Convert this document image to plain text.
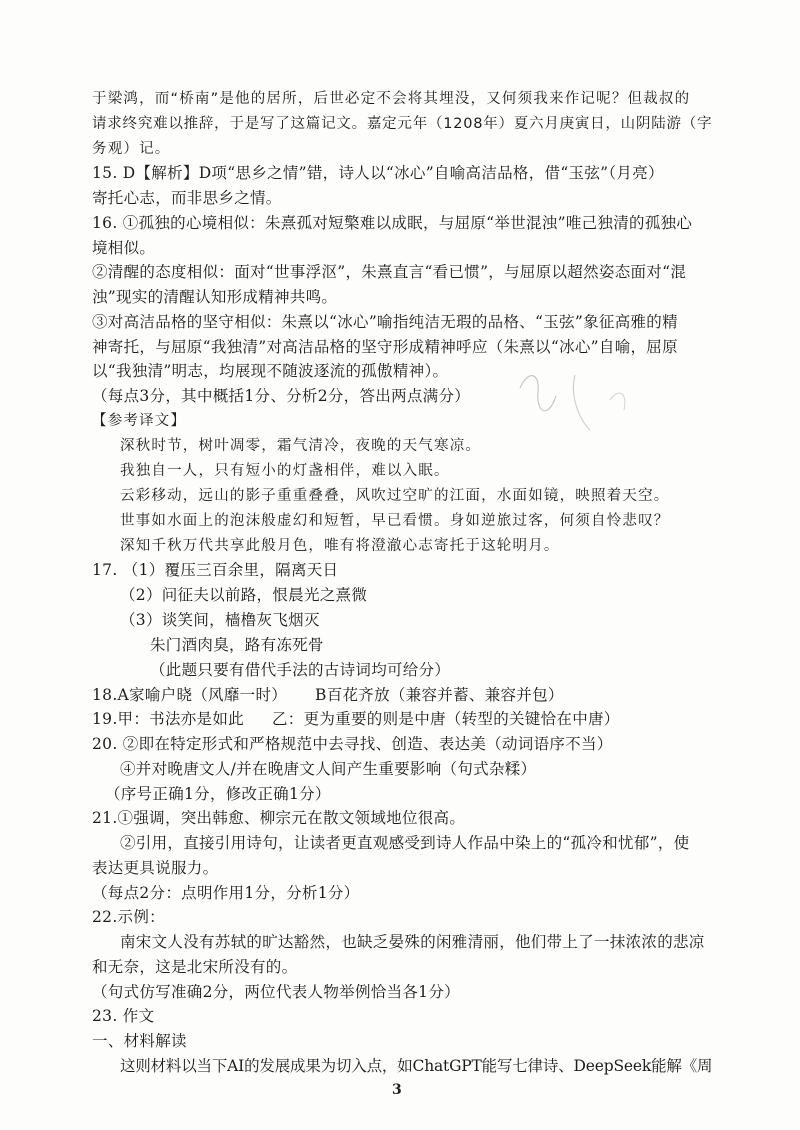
于梁鸿，而“桥南”是他的居所，后世必定不会将其埋没，又何须我来作记呢？但裁叔的
请求终究难以推辞，于是写了这篇记文。嘉定元年（1208年）夏六月庚寅日，山阴陆游（字
务观）记。
15. D【解析】D项“思乡之情”错，诗人以“冰心”自喻高洁品格，借“玉弦”（月亮）
寄托心志，而非思乡之情。
16. ①孤独的心境相似：朱熹孤对短檠难以成眠，与屈原“举世混浊”唯己独清的孤独心
境相似。
②清醒的态度相似：面对“世事浮沤”，朱熹直言“看已惯”，与屈原以超然姿态面对“混
浊”现实的清醒认知形成精神共鸣。
③对高洁品格的坚守相似：朱熹以“冰心”喻指纯洁无瑕的品格、“玉弦”象征高雅的精
神寄托，与屈原“我独清”对高洁品格的坚守形成精神呼应（朱熹以“冰心”自喻，屈原
以“我独清”明志，均展现不随波逐流的孤傲精神）。
（每点3分，其中概括1分、分析2分，答出两点满分）
【参考译文】
深秋时节，树叶凋零，霜气清冷，夜晚的天气寒凉。
我独自一人，只有短小的灯盏相伴，难以入眠。
云彩移动，远山的影子重重叠叠，风吹过空旷的江面，水面如镜，映照着天空。
世事如水面上的泡沫般虚幻和短暂，早已看惯。身如逆旅过客，何须自怜悲叹？
深知千秋万代共享此般月色，唯有将澄澈心志寄托于这轮明月。
17. （1）覆压三百余里，隔离天日
（2）问征夫以前路，恨晨光之熹微
（3）谈笑间，樯橹灰飞烟灭
朱门酒肉臭，路有冻死骨
（此题只要有借代手法的古诗词均可给分）
18.A家喻户晓（风靡一时） B百花齐放（兼容并蓄、兼容并包）
19.甲：书法亦是如此 乙：更为重要的则是中唐（转型的关键恰在中唐）
20. ②即在特定形式和严格规范中去寻找、创造、表达美（动词语序不当）
④并对晚唐文人/并在晚唐文人间产生重要影响（句式杂糅）
（序号正确1分，修改正确1分）
21.①强调，突出韩愈、柳宗元在散文领域地位很高。
②引用，直接引用诗句，让读者更直观感受到诗人作品中染上的“孤冷和忧郁”，使
表达更具说服力。
（每点2分：点明作用1分，分析1分）
22.示例：
南宋文人没有苏轼的旷达豁然，也缺乏晏殊的闲雅清丽，他们带上了一抹浓浓的悲凉
和无奈，这是北宋所没有的。
（句式仿写准确2分，两位代表人物举例恰当各1分）
23. 作文
一、材料解读
这则材料以当下AI的发展成果为切入点，如ChatGPT能写七律诗、DeepSeek能解《周
3
